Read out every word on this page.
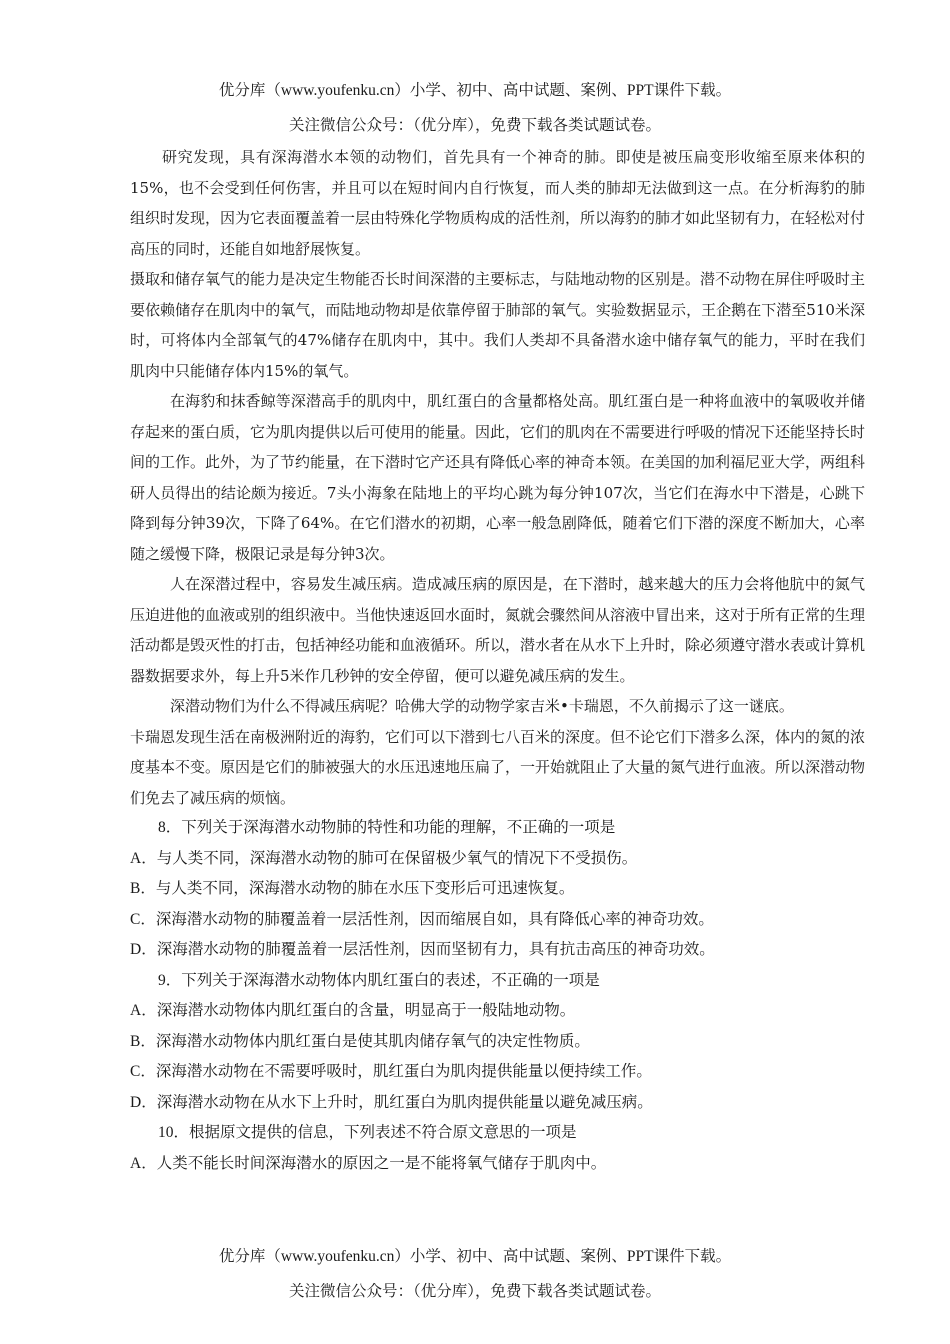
优分库（www.youfenku.cn）小学、初中、高中试题、案例、PPT课件下载。
关注微信公众号：（优分库），免费下载各类试题试卷。

研究发现，具有深海潜水本领的动物们，首先具有一个神奇的肺。即使是被压扁变形收缩至原来体积的15%，也不会受到任何伤害，并且可以在短时间内自行恢复，而人类的肺却无法做到这一点。在分析海豹的肺组织时发现，因为它表面覆盖着一层由特殊化学物质构成的活性剂，所以海豹的肺才如此坚韧有力，在轻松对付高压的同时，还能自如地舒展恢复。

摄取和储存氧气的能力是决定生物能否长时间深潜的主要标志，与陆地动物的区别是。潜不动物在屏住呼吸时主要依赖储存在肌肉中的氧气，而陆地动物却是依靠停留于肺部的氧气。实验数据显示，王企鹅在下潜至510米深时，可将体内全部氧气的47%储存在肌肉中，其中。我们人类却不具备潜水途中储存氧气的能力，平时在我们肌肉中只能储存体内15%的氧气。

在海豹和抹香鲸等深潜高手的肌肉中，肌红蛋白的含量都格处高。肌红蛋白是一种将血液中的氧吸收并储存起来的蛋白质，它为肌肉提供以后可使用的能量。因此，它们的肌肉在不需要进行呼吸的情况下还能坚持长时间的工作。此外，为了节约能量，在下潜时它产还具有降低心率的神奇本领。在美国的加利福尼亚大学，两组科研人员得出的结论颇为接近。7头小海象在陆地上的平均心跳为每分钟107次，当它们在海水中下潜是，心跳下降到每分钟39次，下降了64%。在它们潜水的初期，心率一般急剧降低，随着它们下潜的深度不断加大，心率随之缓慢下降，极限记录是每分钟3次。

人在深潜过程中，容易发生减压病。造成减压病的原因是，在下潜时，越来越大的压力会将他肮中的氮气压迫进他的血液或别的组织液中。当他快速返回水面时，氮就会骤然间从溶液中冒出来，这对于所有正常的生理活动都是毁灭性的打击，包括神经功能和血液循环。所以，潜水者在从水下上升时，除必须遵守潜水表或计算机器数据要求外，每上升5米作几秒钟的安全停留，便可以避免减压病的发生。

深潜动物们为什么不得减压病呢？哈佛大学的动物学家吉米•卡瑞恩，不久前揭示了这一谜底。

卡瑞恩发现生活在南极洲附近的海豹，它们可以下潜到七八百米的深度。但不论它们下潜多么深，体内的氮的浓度基本不变。原因是它们的肺被强大的水压迅速地压扁了，一开始就阻止了大量的氮气进行血液。所以深潜动物们免去了减压病的烦恼。

8．下列关于深海潜水动物肺的特性和功能的理解，不正确的一项是

A．与人类不同，深海潜水动物的肺可在保留极少氧气的情况下不受损伤。

B．与人类不同，深海潜水动物的肺在水压下变形后可迅速恢复。

C．深海潜水动物的肺覆盖着一层活性剂，因而缩展自如，具有降低心率的神奇功效。

D．深海潜水动物的肺覆盖着一层活性剂，因而坚韧有力，具有抗击高压的神奇功效。

9．下列关于深海潜水动物体内肌红蛋白的表述，不正确的一项是

A．深海潜水动物体内肌红蛋白的含量，明显高于一般陆地动物。

B．深海潜水动物体内肌红蛋白是使其肌肉储存氧气的决定性物质。

C．深海潜水动物在不需要呼吸时，肌红蛋白为肌肉提供能量以便持续工作。

D．深海潜水动物在从水下上升时，肌红蛋白为肌肉提供能量以避免减压病。

10．根据原文提供的信息，下列表述不符合原文意思的一项是

A．人类不能长时间深海潜水的原因之一是不能将氧气储存于肌肉中。

优分库（www.youfenku.cn）小学、初中、高中试题、案例、PPT课件下载。
关注微信公众号：（优分库），免费下载各类试题试卷。
